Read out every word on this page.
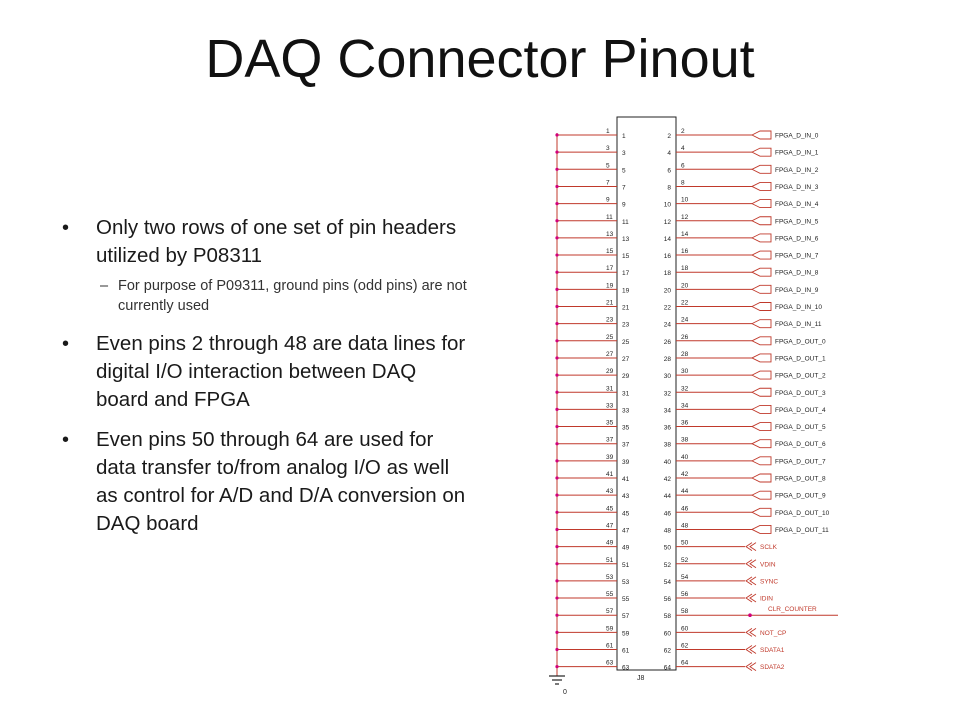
DAQ Connector Pinout
• Only two rows of one set of pin headers utilized by P08311
– For purpose of P09311, ground pins (odd pins) are not currently used
• Even pins 2 through 48 are data lines for digital I/O interaction between DAQ board and FPGA
• Even pins 50 through 64 are used for data transfer to/from analog I/O as well as control for A/D and D/A conversion on DAQ board
0
J8
1
1	2
2
FPGA_D_IN_0
3
3	4
4
FPGA_D_IN_1
5
5	6
6
FPGA_D_IN_2
7
7	8
8
FPGA_D_IN_3
9
9	10
10
FPGA_D_IN_4
11
11	12
12
FPGA_D_IN_5
13
13	14
14
FPGA_D_IN_6
15
15	16
16
FPGA_D_IN_7
17
17	18
18
FPGA_D_IN_8
19
19	20
20
FPGA_D_IN_9
21
21	22
22
FPGA_D_IN_10
23
23	24
24
FPGA_D_IN_11
25
25	26
26
FPGA_D_OUT_0
27
27	28
28
FPGA_D_OUT_1
29
29	30
30
FPGA_D_OUT_2
31
31	32
32
FPGA_D_OUT_3
33
33	34
34
FPGA_D_OUT_4
35
35	36
36
FPGA_D_OUT_5
37
37	38
38
FPGA_D_OUT_6
39
39	40
40
FPGA_D_OUT_7
41
41	42
42
FPGA_D_OUT_8
43
43	44
44
FPGA_D_OUT_9
45
45	46
46
FPGA_D_OUT_10
47
47	48
48
FPGA_D_OUT_11
49
49	50
50
SCLK
51
51	52
52
VDIN
53
53	54
54
SYNC
55
55	56
56
IDIN
57
57	58
58	CLR_COUNTER
59
59	60
60
NOT_CP
61
61	62
62
SDATA1
63
63	64
64
SDATA2
